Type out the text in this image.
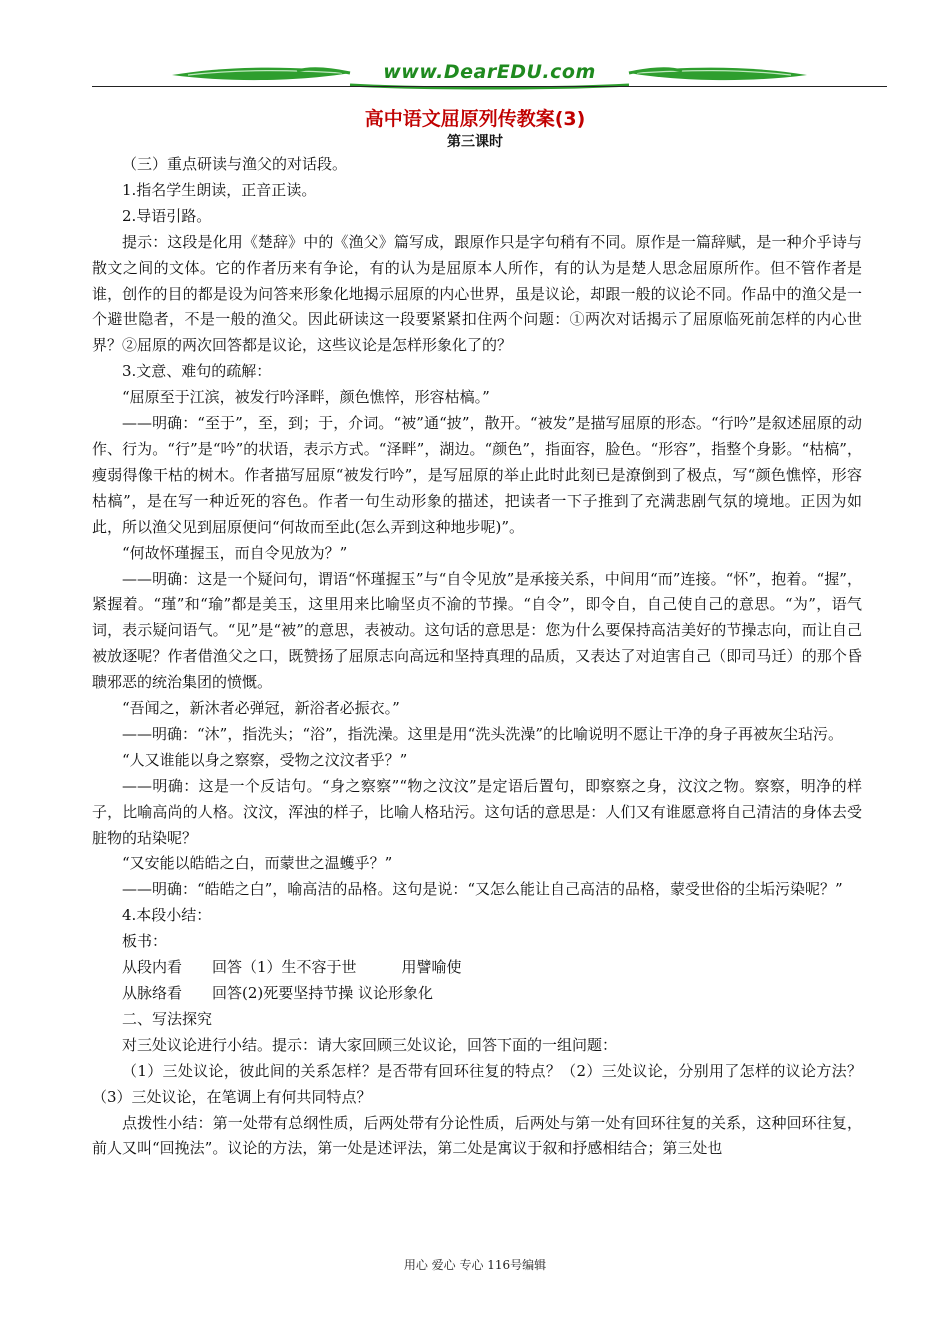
www.DearEDU.com
高中语文屈原列传教案(3)
第三课时

（三）重点研读与渔父的对话段。

1.指名学生朗读，正音正读。

2.导语引路。

提示：这段是化用《楚辞》中的《渔父》篇写成，跟原作只是字句稍有不同。原作是一篇辞赋，是一种介乎诗与散文之间的文体。它的作者历来有争论，有的认为是屈原本人所作，有的认为是楚人思念屈原所作。但不管作者是谁，创作的目的都是设为问答来形象化地揭示屈原的内心世界，虽是议论，却跟一般的议论不同。作品中的渔父是一个避世隐者，不是一般的渔父。因此研读这一段要紧紧扣住两个问题：①两次对话揭示了屈原临死前怎样的内心世界？②屈原的两次回答都是议论，这些议论是怎样形象化了的？

3.文意、难句的疏解：

“屈原至于江滨，被发行吟泽畔，颜色憔悴，形容枯槁。”

——明确：“至于”，至，到；于，介词。“被”通“披”，散开。“被发”是描写屈原的形态。“行吟”是叙述屈原的动作、行为。“行”是“吟”的状语，表示方式。“泽畔”，湖边。“颜色”，指面容，脸色。“形容”，指整个身影。“枯槁”，瘦弱得像干枯的树木。作者描写屈原“被发行吟”，是写屈原的举止此时此刻已是潦倒到了极点，写“颜色憔悴，形容枯槁”，是在写一种近死的容色。作者一句生动形象的描述，把读者一下子推到了充满悲剧气氛的境地。正因为如此，所以渔父见到屈原便问“何故而至此(怎么弄到这种地步呢)”。

“何故怀瑾握玉，而自令见放为？”

——明确：这是一个疑问句，谓语“怀瑾握玉”与“自令见放”是承接关系，中间用“而”连接。“怀”，抱着。“握”，紧握着。“瑾”和“瑜”都是美玉，这里用来比喻坚贞不渝的节操。“自令”，即令自，自己使自己的意思。“为”，语气词，表示疑问语气。“见”是“被”的意思，表被动。这句话的意思是：您为什么要保持高洁美好的节操志向，而让自己被放逐呢？作者借渔父之口，既赞扬了屈原志向高远和坚持真理的品质，又表达了对迫害自己（即司马迁）的那个昏聩邪恶的统治集团的愤慨。

“吾闻之，新沐者必弹冠，新浴者必振衣。”

——明确：“沐”，指洗头；“浴”，指洗澡。这里是用“洗头洗澡”的比喻说明不愿让干净的身子再被灰尘玷污。

“人又谁能以身之察察，受物之汶汶者乎？”

——明确：这是一个反诘句。“身之察察”“物之汶汶”是定语后置句，即察察之身，汶汶之物。察察，明净的样子，比喻高尚的人格。汶汶，浑浊的样子，比喻人格玷污。这句话的意思是：人们又有谁愿意将自己清洁的身体去受脏物的玷染呢？

“又安能以皓皓之白，而蒙世之温蠖乎？”

——明确：“皓皓之白”，喻高洁的品格。这句是说：“又怎么能让自己高洁的品格，蒙受世俗的尘垢污染呢？”

4.本段小结：

板书：

从段内看　　回答（1）生不容于世　　　用譬喻使

从脉络看　　回答(2)死要坚持节操 议论形象化

二、写法探究

对三处议论进行小结。提示：请大家回顾三处议论，回答下面的一组问题：

（1）三处议论，彼此间的关系怎样？是否带有回环往复的特点？（2）三处议论，分别用了怎样的议论方法？（3）三处议论，在笔调上有何共同特点？

点拨性小结：第一处带有总纲性质，后两处带有分论性质，后两处与第一处有回环往复的关系，这种回环往复，前人又叫“回挽法”。议论的方法，第一处是述评法，第二处是寓议于叙和抒感相结合；第三处也

用心 爱心 专心 116号编辑
